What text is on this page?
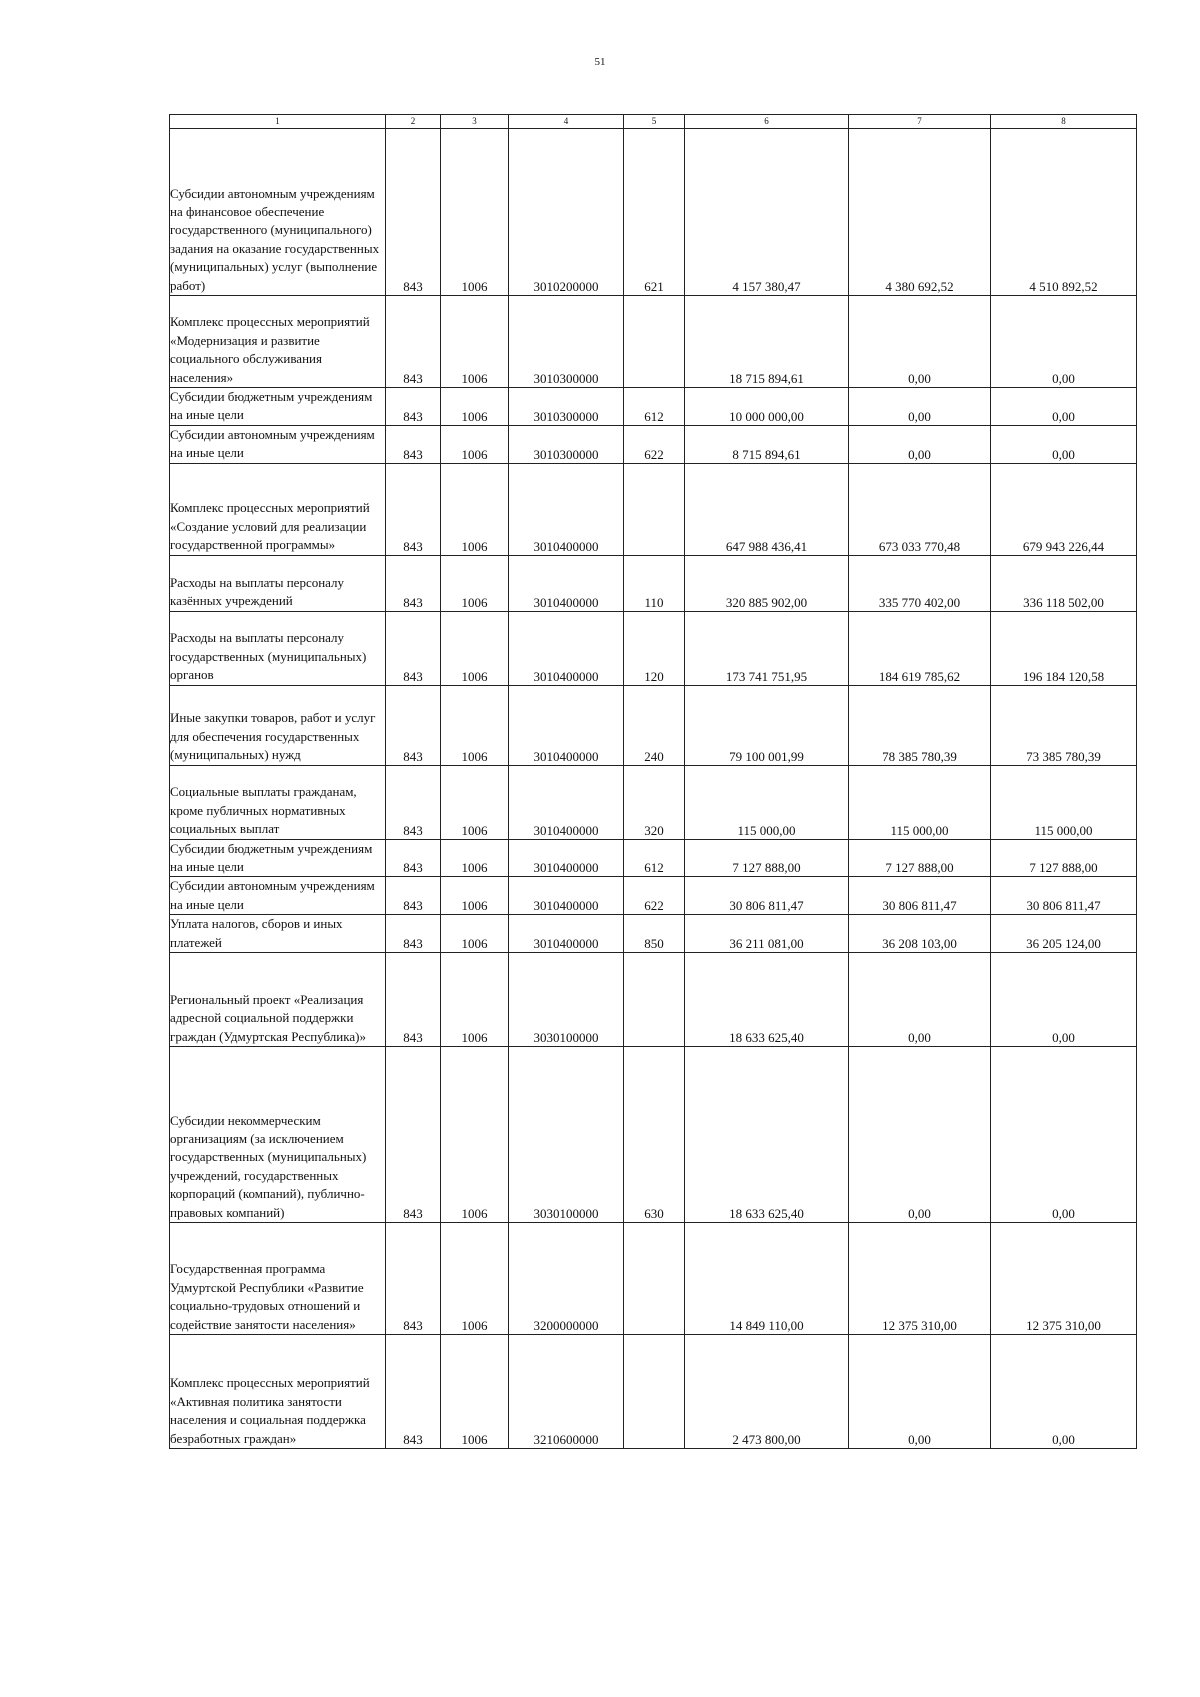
51
1	2	3	4	5	6	7	8
Субсидии автономным учреждениям на финансовое обеспечение государственного (муниципального) задания на оказание государственных (муниципальных) услуг (выполнение работ)	843	1006	3010200000	621	4 157 380,47	4 380 692,52	4 510 892,52
Комплекс процессных мероприятий «Модернизация и развитие социального обслуживания населения»	843	1006	3010300000		18 715 894,61	0,00	0,00
Субсидии бюджетным учреждениям на иные цели	843	1006	3010300000	612	10 000 000,00	0,00	0,00
Субсидии автономным учреждениям на иные цели	843	1006	3010300000	622	8 715 894,61	0,00	0,00
Комплекс процессных мероприятий «Создание условий для реализации государственной программы»	843	1006	3010400000		647 988 436,41	673 033 770,48	679 943 226,44
Расходы на выплаты персоналу казённых учреждений	843	1006	3010400000	110	320 885 902,00	335 770 402,00	336 118 502,00
Расходы на выплаты персоналу государственных (муниципальных) органов	843	1006	3010400000	120	173 741 751,95	184 619 785,62	196 184 120,58
Иные закупки товаров, работ и услуг для обеспечения государственных (муниципальных) нужд	843	1006	3010400000	240	79 100 001,99	78 385 780,39	73 385 780,39
Социальные выплаты гражданам, кроме публичных нормативных социальных выплат	843	1006	3010400000	320	115 000,00	115 000,00	115 000,00
Субсидии бюджетным учреждениям на иные цели	843	1006	3010400000	612	7 127 888,00	7 127 888,00	7 127 888,00
Субсидии автономным учреждениям на иные цели	843	1006	3010400000	622	30 806 811,47	30 806 811,47	30 806 811,47
Уплата налогов, сборов и иных платежей	843	1006	3010400000	850	36 211 081,00	36 208 103,00	36 205 124,00
Региональный проект «Реализация адресной социальной поддержки граждан (Удмуртская Республика)»	843	1006	3030100000		18 633 625,40	0,00	0,00
Субсидии некоммерческим организациям (за исключением государственных (муниципальных) учреждений, государственных корпораций (компаний), публично-правовых компаний)	843	1006	3030100000	630	18 633 625,40	0,00	0,00
Государственная программа Удмуртской Республики «Развитие социально-трудовых отношений и содействие занятости населения»	843	1006	3200000000		14 849 110,00	12 375 310,00	12 375 310,00
Комплекс процессных мероприятий «Активная политика занятости населения и социальная поддержка безработных граждан»	843	1006	3210600000		2 473 800,00	0,00	0,00
